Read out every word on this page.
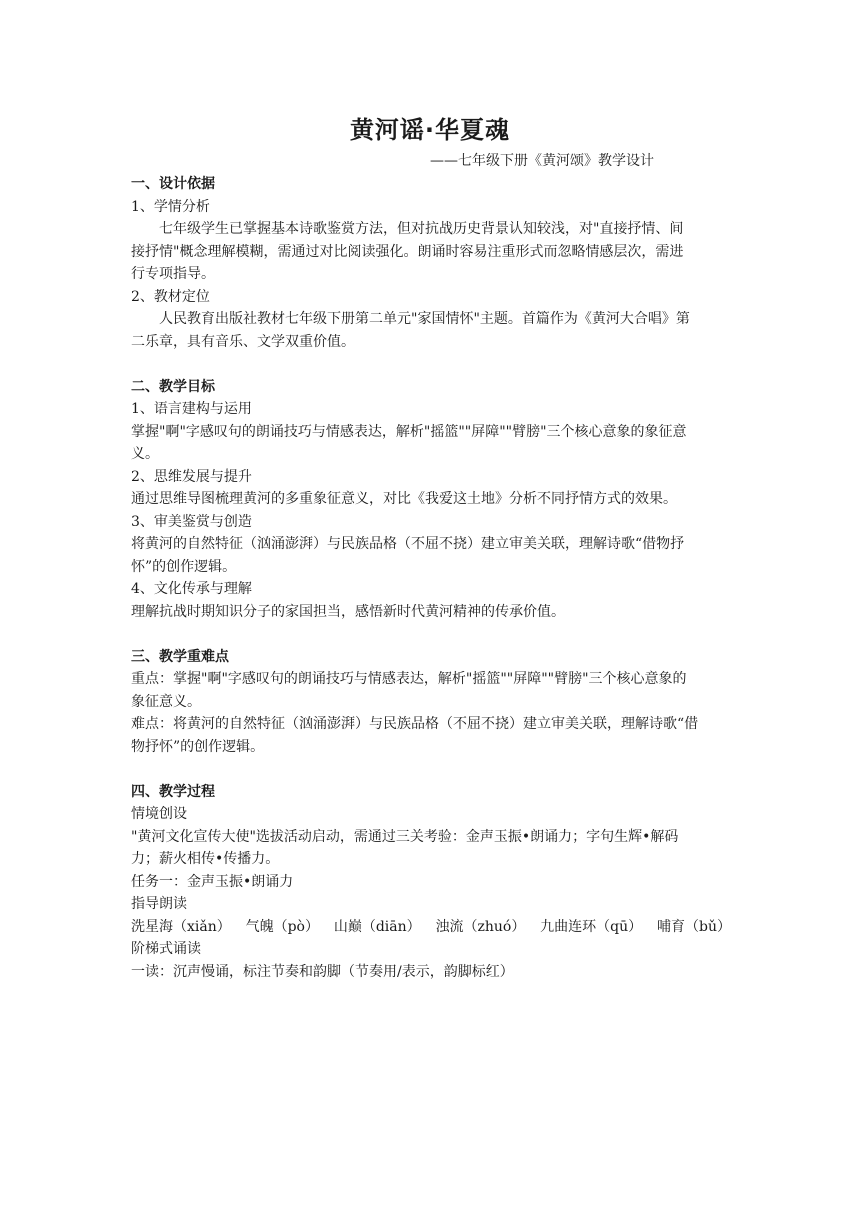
黄河谣·华夏魂
——七年级下册《黄河颂》教学设计

一、设计依据

1、学情分析

七年级学生已掌握基本诗歌鉴赏方法，但对抗战历史背景认知较浅，对"直接抒情、间

接抒情"概念理解模糊，需通过对比阅读强化。朗诵时容易注重形式而忽略情感层次，需进

行专项指导。

2、教材定位

人民教育出版社教材七年级下册第二单元"家国情怀"主题。首篇作为《黄河大合唱》第

二乐章，具有音乐、文学双重价值。

二、教学目标

1、语言建构与运用

掌握"啊"字感叹句的朗诵技巧与情感表达，解析"摇篮""屏障""臂膀"三个核心意象的象征意

义。

2、思维发展与提升

通过思维导图梳理黄河的多重象征意义，对比《我爱这土地》分析不同抒情方式的效果。

3、审美鉴赏与创造

将黄河的自然特征（汹涌澎湃）与民族品格（不屈不挠）建立审美关联，理解诗歌“借物抒

怀”的创作逻辑。

4、文化传承与理解

理解抗战时期知识分子的家国担当，感悟新时代黄河精神的传承价值。

三、教学重难点

重点：掌握"啊"字感叹句的朗诵技巧与情感表达，解析"摇篮""屏障""臂膀"三个核心意象的

象征意义。

难点：将黄河的自然特征（汹涌澎湃）与民族品格（不屈不挠）建立审美关联，理解诗歌“借

物抒怀”的创作逻辑。

四、教学过程

情境创设

"黄河文化宣传大使"选拔活动启动，需通过三关考验：金声玉振•朗诵力；字句生辉•解码

力；薪火相传•传播力。

任务一：金声玉振•朗诵力

指导朗读

洗星海（xiǎn） 气魄（pò） 山巅（diān） 浊流（zhuó） 九曲连环（qū） 哺育（bǔ）

阶梯式诵读

一读：沉声慢诵，标注节奏和韵脚（节奏用/表示，韵脚标红）
